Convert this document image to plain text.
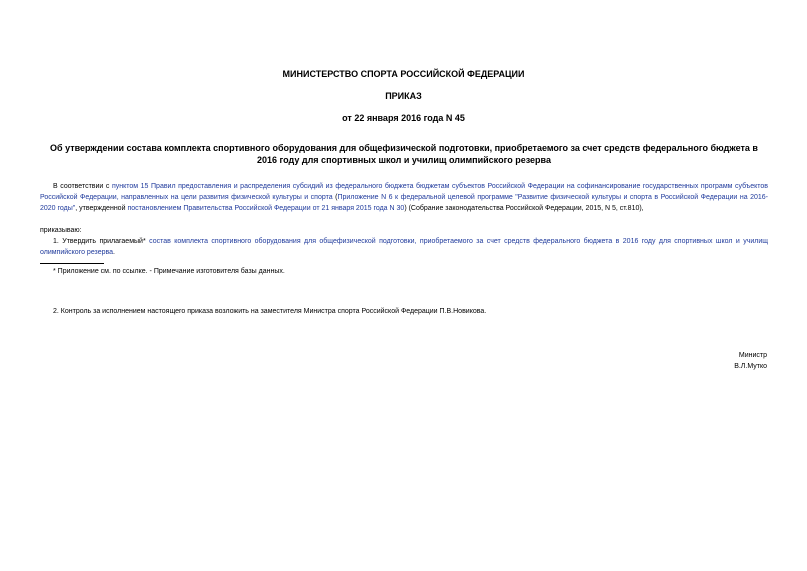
МИНИСТЕРСТВО СПОРТА РОССИЙСКОЙ ФЕДЕРАЦИИ
ПРИКАЗ
от 22 января 2016 года N 45
Об утверждении состава комплекта спортивного оборудования для общефизической подготовки, приобретаемого за счет средств федерального бюджета в 2016 году для спортивных школ и училищ олимпийского резерва
В соответствии с пунктом 15 Правил предоставления и распределения субсидий из федерального бюджета бюджетам субъектов Российской Федерации на софинансирование государственных программ субъектов Российской Федерации, направленных на цели развития физической культуры и спорта (Приложение N 6 к федеральной целевой программе "Развитие физической культуры и спорта в Российской Федерации на 2016-2020 годы", утвержденной постановлением Правительства Российской Федерации от 21 января 2015 года N 30) (Собрание законодательства Российской Федерации, 2015, N 5, ст.810),
приказываю:
1. Утвердить прилагаемый* состав комплекта спортивного оборудования для общефизической подготовки, приобретаемого за счет средств федерального бюджета в 2016 году для спортивных школ и училищ олимпийского резерва.
* Приложение см. по ссылке. - Примечание изготовителя базы данных.
2. Контроль за исполнением настоящего приказа возложить на заместителя Министра спорта Российской Федерации П.В.Новикова.
Министр
В.Л.Мутко
